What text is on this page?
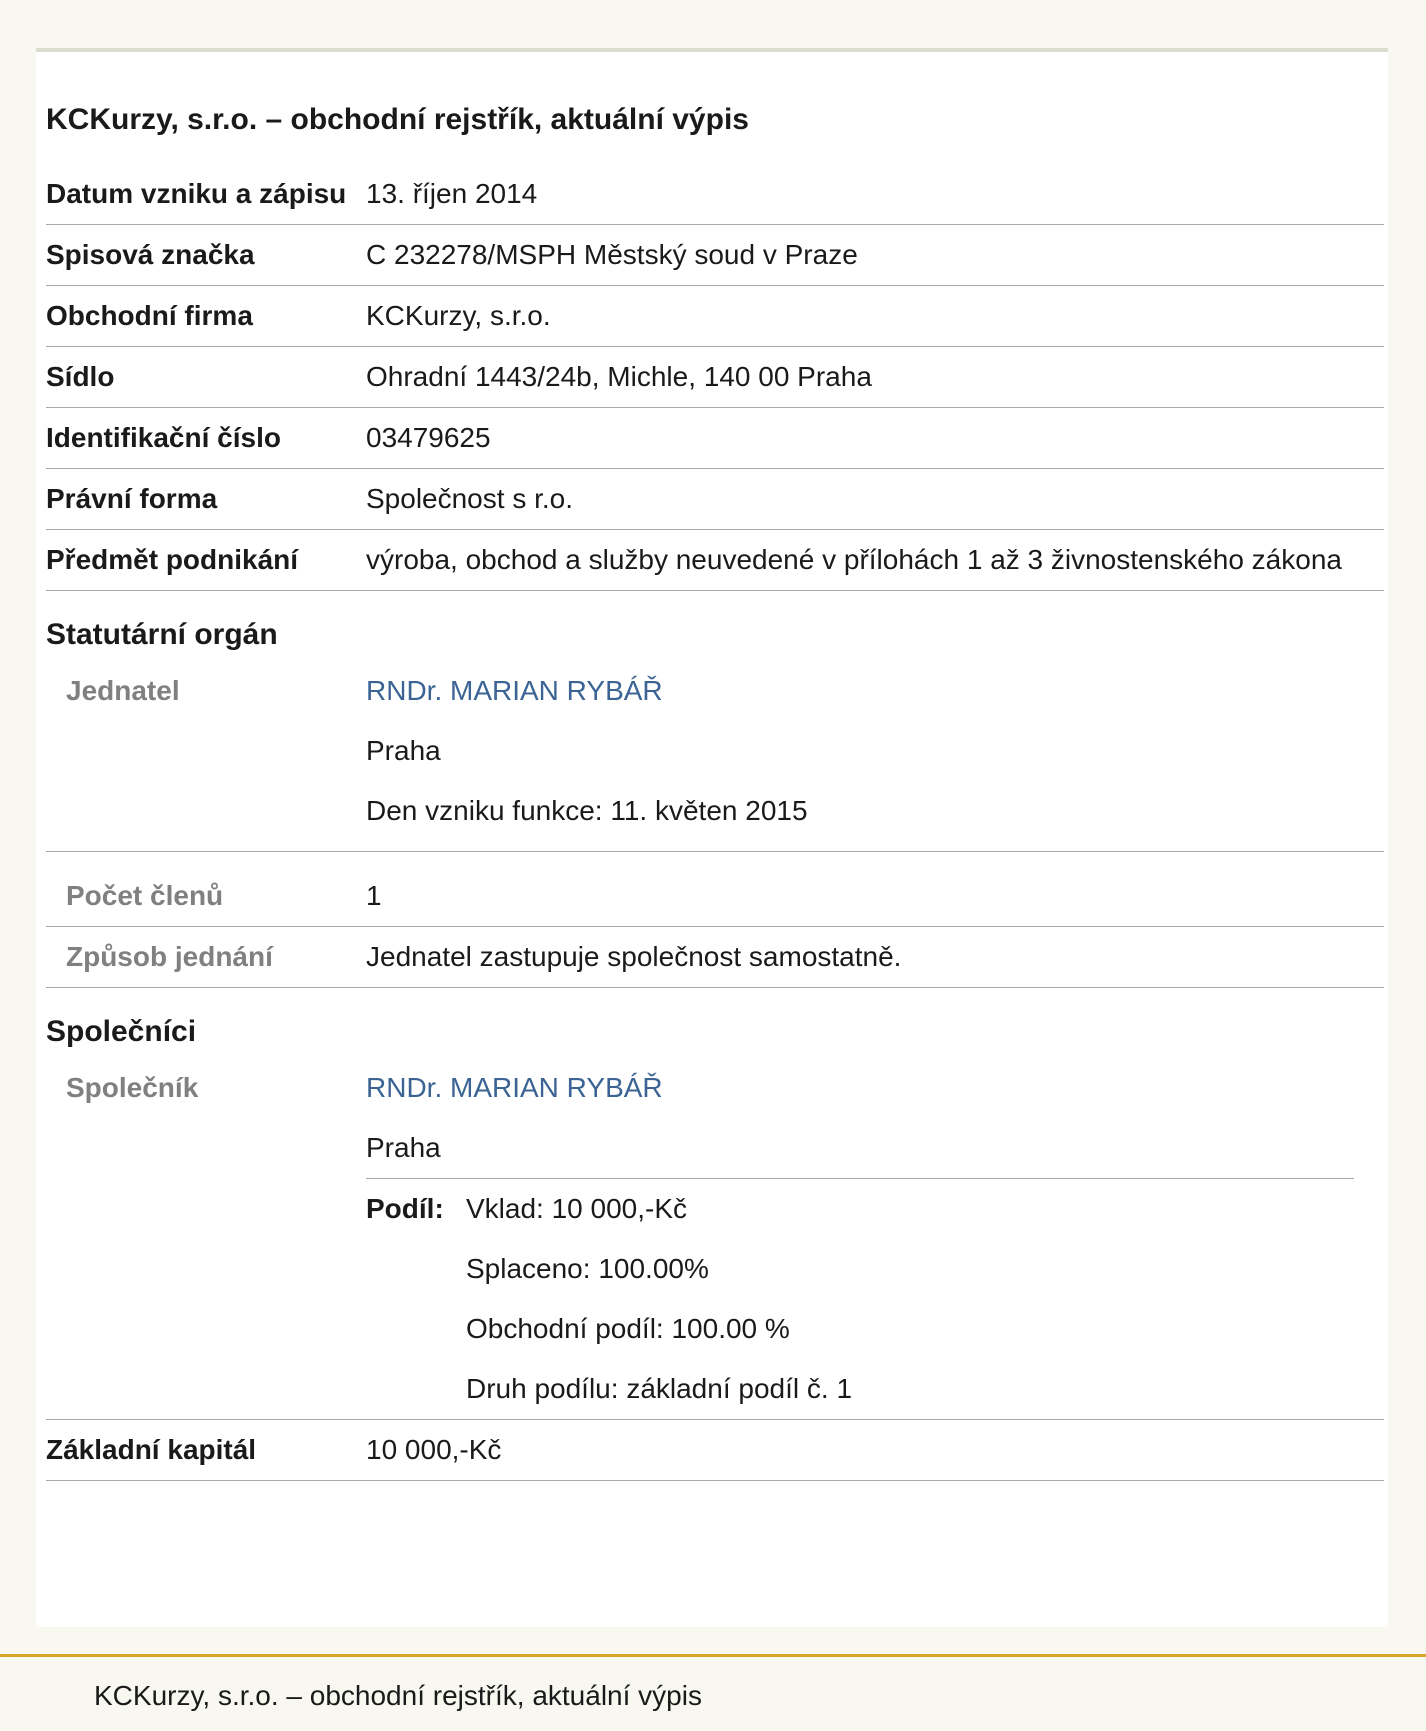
KCKurzy, s.r.o. – obchodní rejstřík, aktuální výpis
Datum vzniku a zápisu 13. říjen 2014
Spisová značka	C 232278/MSPH Městský soud v Praze
Obchodní firma	KCKurzy, s.r.o.
Sídlo	Ohradní 1443/24b, Michle, 140 00 Praha
Identifikační číslo	03479625
Právní forma	Společnost s r.o.
Předmět podnikání	výroba, obchod a služby neuvedené v přílohách 1 až 3 živnostenského zákona
Statutární orgán
Jednatel	RNDr. MARIAN RYBÁŘ
Praha
Den vzniku funkce: 11. květen 2015
Počet členů	1
Způsob jednání	Jednatel zastupuje společnost samostatně.
Společníci
Společník	RNDr. MARIAN RYBÁŘ
Praha
Podíl: Vklad: 10 000,-Kč
Splaceno: 100.00%
Obchodní podíl: 100.00 %
Druh podílu: základní podíl č. 1
Základní kapitál	10 000,-Kč
KCKurzy, s.r.o. – obchodní rejstřík, aktuální výpis
